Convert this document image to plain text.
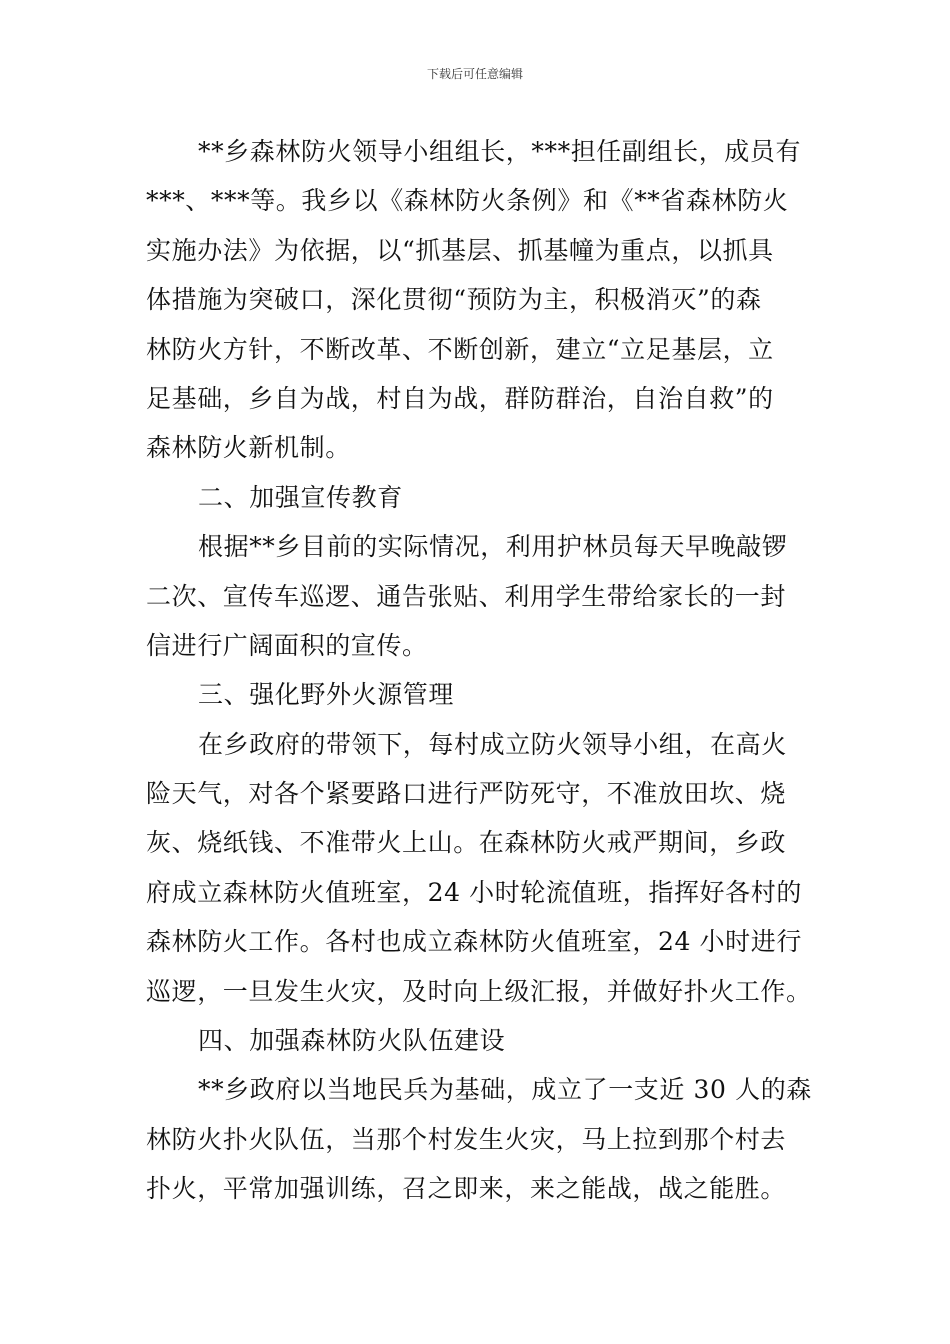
下载后可任意编辑
**乡森林防火领导小组组长，***担任副组长，成员有
***、***等。我乡以《森林防火条例》和《**省森林防火
实施办法》为依据，以“抓基层、抓基幢为重点，以抓具
体措施为突破口，深化贯彻“预防为主，积极消灭”的森
林防火方针，不断改革、不断创新，建立“立足基层，立
足基础，乡自为战，村自为战，群防群治，自治自救”的
森林防火新机制。
二、加强宣传教育
根据**乡目前的实际情况，利用护林员每天早晚敲锣
二次、宣传车巡逻、通告张贴、利用学生带给家长的一封
信进行广阔面积的宣传。
三、强化野外火源管理
在乡政府的带领下，每村成立防火领导小组，在高火
险天气，对各个紧要路口进行严防死守，不准放田坎、烧
灰、烧纸钱、不准带火上山。在森林防火戒严期间，乡政
府成立森林防火值班室，24 小时轮流值班，指挥好各村的
森林防火工作。各村也成立森林防火值班室，24 小时进行
巡逻，一旦发生火灾，及时向上级汇报，并做好扑火工作。
四、加强森林防火队伍建设
**乡政府以当地民兵为基础，成立了一支近 30 人的森
林防火扑火队伍，当那个村发生火灾，马上拉到那个村去
扑火，平常加强训练，召之即来，来之能战，战之能胜。
